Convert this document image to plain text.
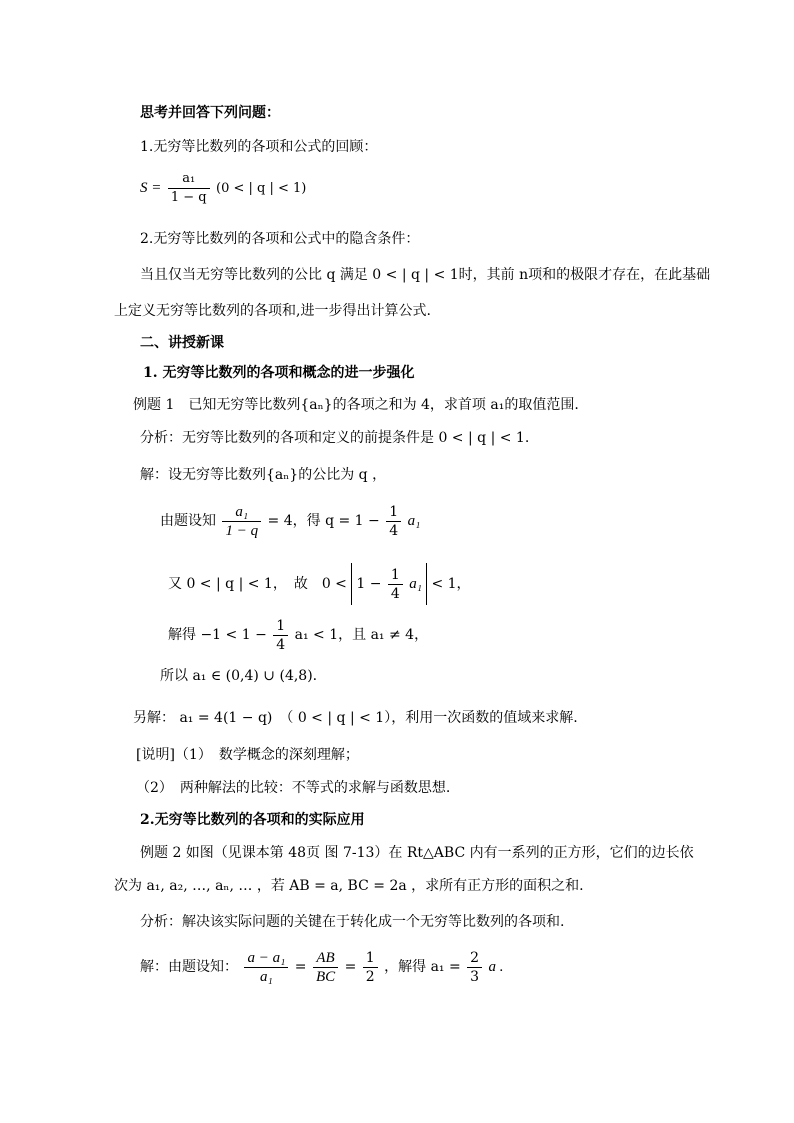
思考并回答下列问题：
1.无穷等比数列的各项和公式的回顾：
$S = \frac{\text{a₁}}{1 - q} (0$ < | q | < 1)
2.无穷等比数列的各项和公式中的隐含条件：
当且仅当无穷等比数列的公比 q 满足 0 < | q | < 1时，其前 n项和的极限才存在，在此基础
上定义无穷等比数列的各项和,进一步得出计算公式.
二、讲授新课
1. 无穷等比数列的各项和概念的进一步强化
例题 1　已知无穷等比数列{aₙ}的各项之和为 4，求首项 a₁的取值范围.
分析：无穷等比数列的各项和定义的前提条件是 0 < | q | < 1.
解：设无穷等比数列{aₙ}的公比为 q ，
由题设知 $\frac{\text{a₁}}{1 - q} = 4$，得 $q = 1 - \frac{1}{4} a_1$
又 0 < | q | < 1，　故　$0 < 1 - \frac{1}{4} a_1 < 1$，
解得 $-1 < 1 - \frac{1}{4} a_1 < 1$，且 a₁ ≠ 4，
所以 a₁ ∈ (0,4) ∪ (4,8).
另解： a₁ = 4(1 − q)　（ 0 < | q | < 1），利用一次函数的值域来求解.
[说明]（1）　数学概念的深刻理解；
（2）　两种解法的比较：不等式的求解与函数思想.
2.无穷等比数列的各项和的实际应用
例题 2 如图（见课本第 48页 图 7-13）在 Rt△ABC 内有一系列的正方形，它们的边长依
次为 a₁, a₂, …, aₙ, … ，若 AB = a, BC = 2a ，求所有正方形的面积之和.
分析：解决该实际问题的关键在于转化成一个无穷等比数列的各项和.
解：由题设知： $\frac{\text{a − a₁}}{\text{a₁}} = \frac{AB}{BC} = \frac{1}{2}$ ，解得 $a_1 = \frac{2}{3}$ a .
